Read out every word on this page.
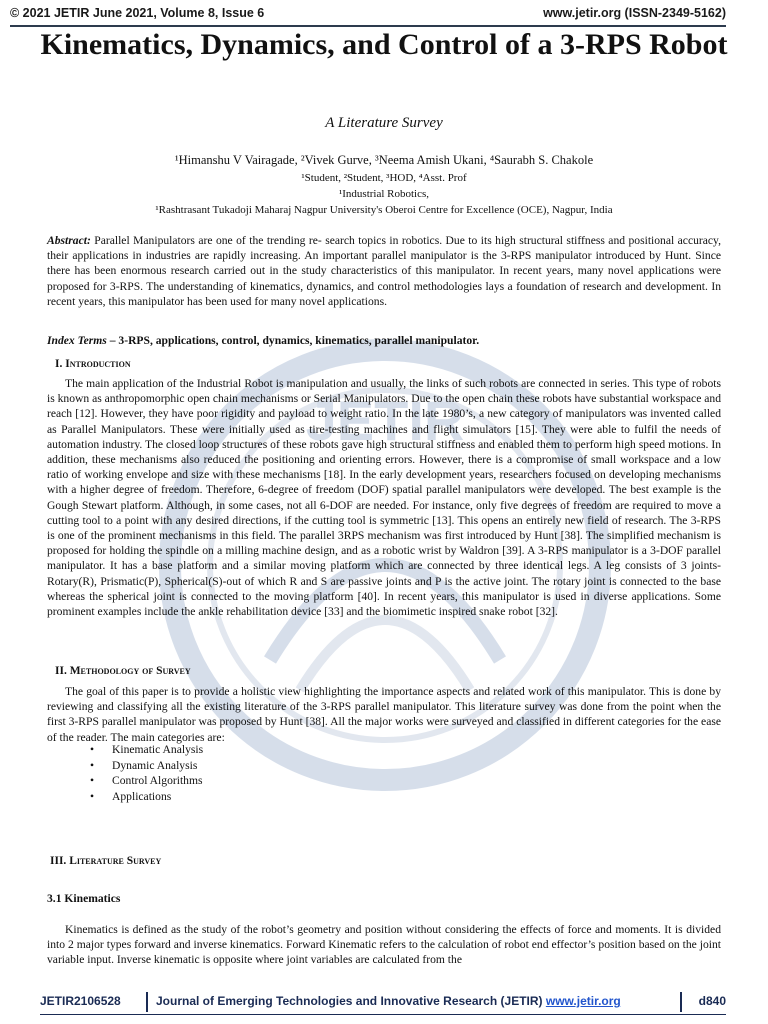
© 2021 JETIR June 2021, Volume 8, Issue 6	www.jetir.org (ISSN-2349-5162)
JETIR
Kinematics, Dynamics, and Control of a 3-RPS Robot
A Literature Survey
¹Himanshu V Vairagade, ²Vivek Gurve, ³Neema Amish Ukani, ⁴Saurabh S. Chakole
¹Student, ²Student, ³HOD, ⁴Asst. Prof
¹Industrial Robotics,
¹Rashtrasant Tukadoji Maharaj Nagpur University's Oberoi Centre for Excellence (OCE), Nagpur, India
Abstract: Parallel Manipulators are one of the trending re- search topics in robotics. Due to its high structural stiffness and positional accuracy, their applications in industries are rapidly increasing. An important parallel manipulator is the 3-RPS manipulator introduced by Hunt. Since there has been enormous research carried out in the study characteristics of this manipulator. In recent years, many novel applications were proposed for 3-RPS. The understanding of kinematics, dynamics, and control methodologies lays a foundation of research and development. In recent years, this manipulator has been used for many novel applications.
Index Terms – 3-RPS, applications, control, dynamics, kinematics, parallel manipulator.
I. Introduction

The main application of the Industrial Robot is manipulation and usually, the links of such robots are connected in series. This type of robots is known as anthropomorphic open chain mechanisms or Serial Manipulators. Due to the open chain these robots have substantial workspace and reach [12]. However, they have poor rigidity and payload to weight ratio. In the late 1980’s, a new category of manipulators was invented called as Parallel Manipulators. These were initially used as tire-testing machines and flight simulators [15]. They were able to fulfil the needs of automation industry. The closed loop structures of these robots gave high structural stiffness and enabled them to perform high speed motions. In addition, these mechanisms also reduced the positioning and orienting errors. However, there is a compromise of small workspace and a low ratio of working envelope and size with these mechanisms [18]. In the early development years, researchers focused on developing mechanisms with a higher degree of freedom. Therefore, 6-degree of freedom (DOF) spatial parallel manipulators were developed. The best example is the Gough Stewart platform. Although, in some cases, not all 6-DOF are needed. For instance, only five degrees of freedom are required to move a cutting tool to a point with any desired directions, if the cutting tool is symmetric [13]. This opens an entirely new field of research. The 3-RPS is one of the prominent mechanisms in this field. The parallel 3RPS mechanism was first introduced by Hunt [38]. The simplified mechanism is proposed for holding the spindle on a milling machine design, and as a robotic wrist by Waldron [39]. A 3-RPS manipulator is a 3-DOF parallel manipulator. It has a base platform and a similar moving platform which are connected by three identical legs. A leg consists of 3 joints- Rotary(R), Prismatic(P), Spherical(S)-out of which R and S are passive joints and P is the active joint. The rotary joint is connected to the base whereas the spherical joint is connected to the moving platform [40]. In recent years, this manipulator is used in diverse applications. Some prominent examples include the ankle rehabilitation device [33] and the biomimetic inspired snake robot [32].

II. Methodology of Survey

The goal of this paper is to provide a holistic view highlighting the importance aspects and related work of this manipulator. This is done by reviewing and classifying all the existing literature of the 3-RPS parallel manipulator. This literature survey was done from the point when the first 3-RPS parallel manipulator was proposed by Hunt [38]. All the major works were surveyed and classified in different categories for the ease of the reader. The main categories are:

• Kinematic Analysis
• Dynamic Analysis
• Control Algorithms
• Applications
III. Literature Survey
3.1 Kinematics

Kinematics is defined as the study of the robot’s geometry and position without considering the effects of force and moments. It is divided into 2 major types forward and inverse kinematics. Forward Kinematic refers to the calculation of robot end effector’s position based on the joint variable input. Inverse kinematic is opposite where joint variables are calculated from the

JETIR2106528	Journal of Emerging Technologies and Innovative Research (JETIR) www.jetir.org	d840
